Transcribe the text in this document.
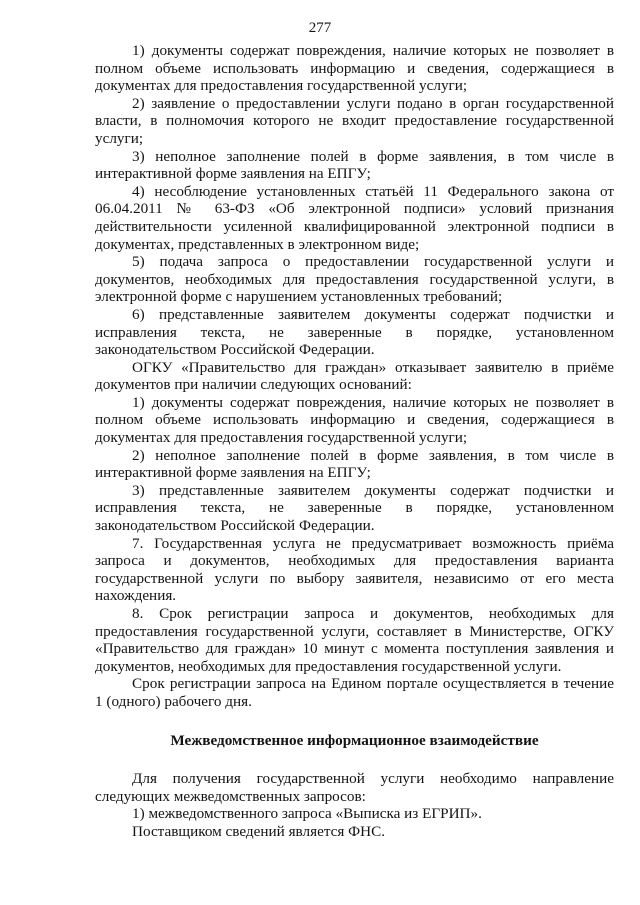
277

1) документы содержат повреждения, наличие которых не позволяет в полном объеме использовать информацию и сведения, содержащиеся в документах для предоставления государственной услуги;

2) заявление о предоставлении услуги подано в орган государственной власти, в полномочия которого не входит предоставление государственной услуги;

3) неполное заполнение полей в форме заявления, в том числе в интерактивной форме заявления на ЕПГУ;

4) несоблюдение установленных статьёй 11 Федерального закона от 06.04.2011 № 63-ФЗ «Об электронной подписи» условий признания действительности усиленной квалифицированной электронной подписи в документах, представленных в электронном виде;

5) подача запроса о предоставлении государственной услуги и документов, необходимых для предоставления государственной услуги, в электронной форме с нарушением установленных требований;

6) представленные заявителем документы содержат подчистки и исправления текста, не заверенные в порядке, установленном законодательством Российской Федерации.

ОГКУ «Правительство для граждан» отказывает заявителю в приёме документов при наличии следующих оснований:

1) документы содержат повреждения, наличие которых не позволяет в полном объеме использовать информацию и сведения, содержащиеся в документах для предоставления государственной услуги;

2) неполное заполнение полей в форме заявления, в том числе в интерактивной форме заявления на ЕПГУ;

3) представленные заявителем документы содержат подчистки и исправления текста, не заверенные в порядке, установленном законодательством Российской Федерации.

7. Государственная услуга не предусматривает возможность приёма запроса и документов, необходимых для предоставления варианта государственной услуги по выбору заявителя, независимо от его места нахождения.

8. Срок регистрации запроса и документов, необходимых для предоставления государственной услуги, составляет в Министерстве, ОГКУ «Правительство для граждан» 10 минут с момента поступления заявления и документов, необходимых для предоставления государственной услуги.

Срок регистрации запроса на Едином портале осуществляется в течение 1 (одного) рабочего дня.

Межведомственное информационное взаимодействие

Для получения государственной услуги необходимо направление следующих межведомственных запросов:

1) межведомственного запроса «Выписка из ЕГРИП».

Поставщиком сведений является ФНС.
